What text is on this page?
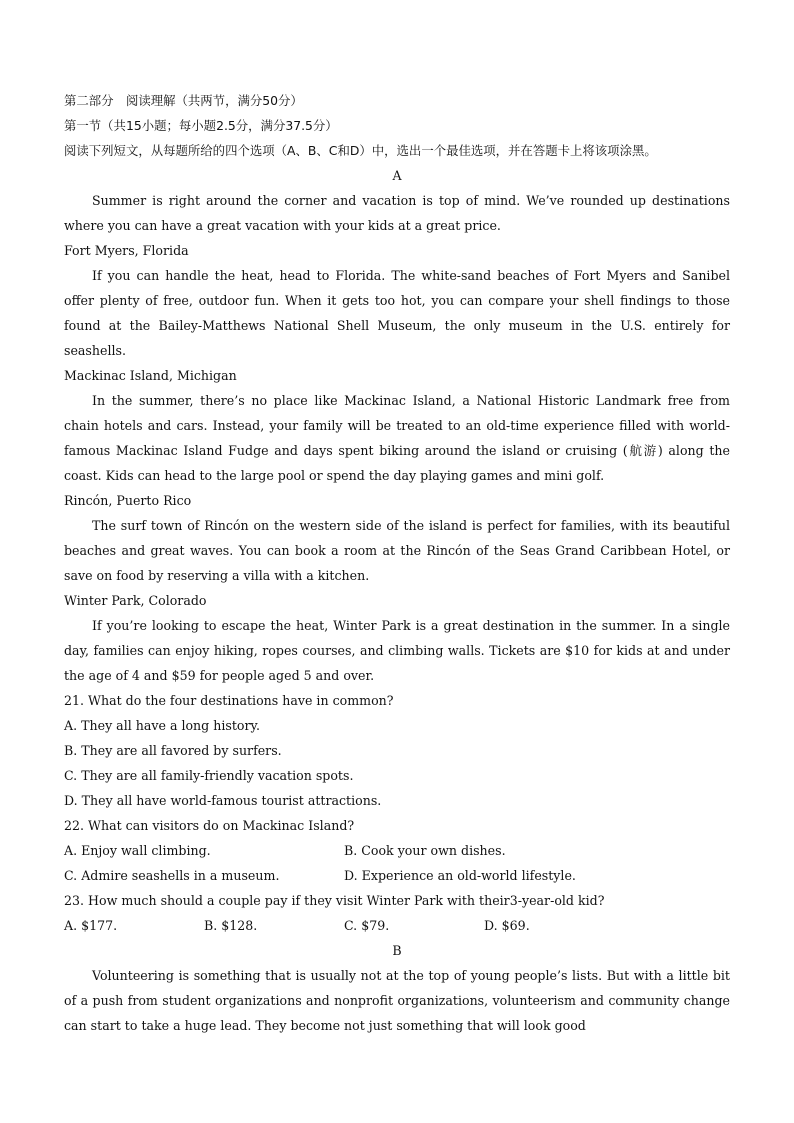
第二部分　阅读理解（共两节，满分50分）

第一节（共15小题；每小题2.5分，满分37.5分）

阅读下列短文，从每题所给的四个选项（A、B、C和D）中，选出一个最佳选项，并在答题卡上将该项涂黑。

A

Summer is right around the corner and vacation is top of mind. We’ve rounded up destinations where you can have a great vacation with your kids at a great price.

Fort Myers, Florida

If you can handle the heat, head to Florida. The white-sand beaches of Fort Myers and Sanibel offer plenty of free, outdoor fun. When it gets too hot, you can compare your shell findings to those found at the Bailey-Matthews National Shell Museum, the only museum in the U.S. entirely for seashells.

Mackinac Island, Michigan

In the summer, there’s no place like Mackinac Island, a National Historic Landmark free from chain hotels and cars. Instead, your family will be treated to an old-time experience filled with world-famous Mackinac Island Fudge and days spent biking around the island or cruising (航游) along the coast. Kids can head to the large pool or spend the day playing games and mini golf.

Rincón, Puerto Rico

The surf town of Rincón on the western side of the island is perfect for families, with its beautiful beaches and great waves. You can book a room at the Rincón of the Seas Grand Caribbean Hotel, or save on food by reserving a villa with a kitchen.

Winter Park, Colorado

If you’re looking to escape the heat, Winter Park is a great destination in the summer. In a single day, families can enjoy hiking, ropes courses, and climbing walls. Tickets are $10 for kids at and under the age of 4 and $59 for people aged 5 and over.

21. What do the four destinations have in common?

A. They all have a long history.

B. They are all favored by surfers.

C. They are all family-friendly vacation spots.

D. They all have world-famous tourist attractions.

22. What can visitors do on Mackinac Island?

A. Enjoy wall climbing.	B. Cook your own dishes.
C. Admire seashells in a museum.	D. Experience an old-world lifestyle.

23. How much should a couple pay if they visit Winter Park with their3-year-old kid?

A. $177.	B. $128.	C. $79.	D. $69.

B

Volunteering is something that is usually not at the top of young people’s lists. But with a little bit of a push from student organizations and nonprofit organizations, volunteerism and community change can start to take a huge lead. They become not just something that will look good
